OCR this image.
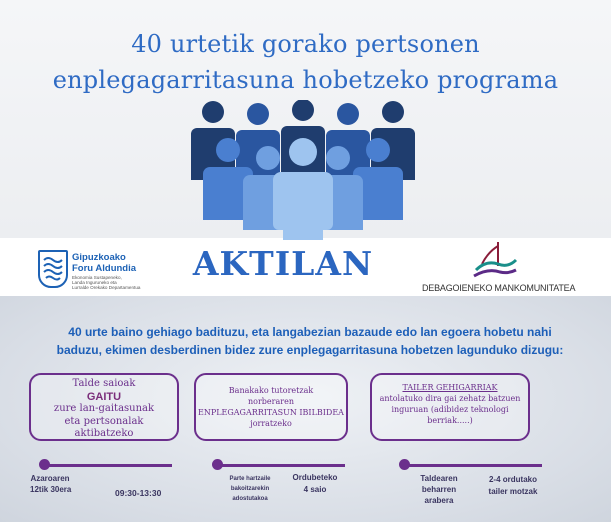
40 urtetik gorako pertsonen
enplegagarritasuna hobetzeko programa
Gipuzkoako
Foru Aldundia
Ekonomia Sustapeneko,
Landa Inguruneko eta
Lurralde Orekako Departamentua
AKTILAN
DEBAGOIENEKO MANKOMUNITATEA
40 urte baino gehiago badituzu, eta langabezian bazaude edo lan egoera hobetu nahi
baduzu, ekimen desberdinen bidez zure enplegagarritasuna hobetzen lagunduko dizugu:
Talde saioak
GAITU
zure lan-gaitasunak
eta pertsonalak
aktibatzeko
Banakako tutoretzak
norberaren
ENPLEGAGARRITASUN IBILBIDEA
jorratzeko
TAILER GEHIGARRIAK
antolatuko dira gai zehatz batzuen
inguruan (adibidez teknologi
berriak.....)
Azaroaren
12tik 30era	09:30-13:30
Parte hartzaile
bakoitzarekin
adostutakoa
Ordubeteko
4 saio
Taldearen
beharren
arabera
2-4 ordutako
tailer motzak
